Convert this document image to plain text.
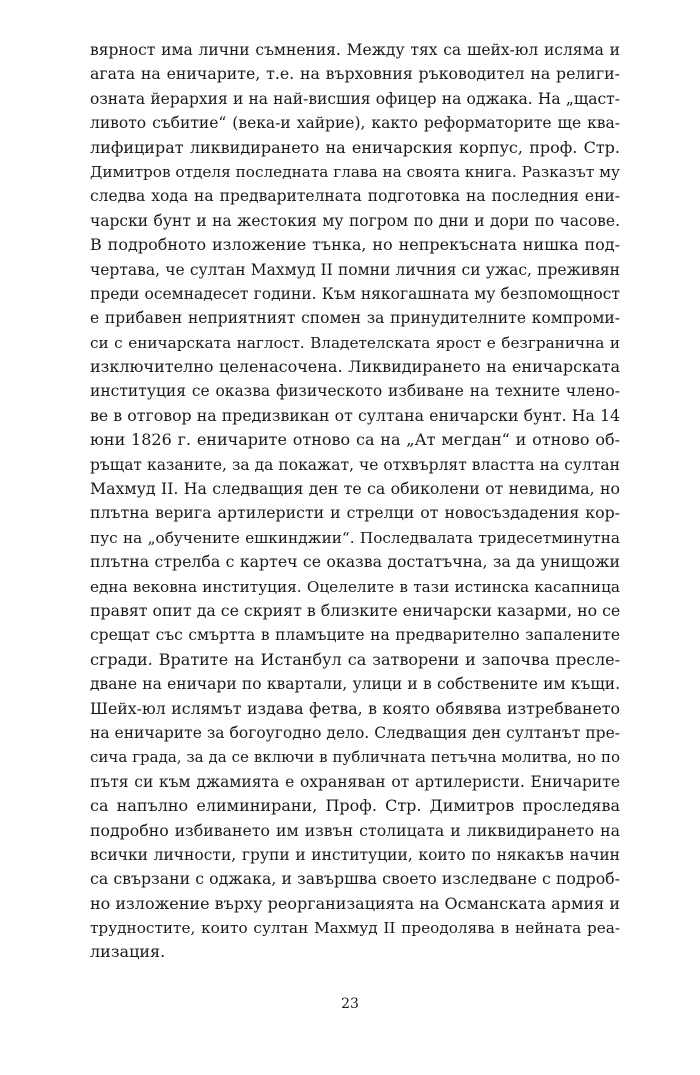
вярност има лични съмнения. Между тях са шейх-юл исляма и
агата на еничарите, т.е. на върховния ръководител на религи-
озната йерархия и на най-висшия офицер на оджака. На „щаст-
ливото събитие“ (века-и хайрие), както реформаторите ще ква-
лифицират ликвидирането на еничарския корпус, проф. Стр.
Димитров отделя последната глава на своята книга. Разказът му
следва хода на предварителната подготовка на последния ени-
чарски бунт и на жестокия му погром по дни и дори по часове.
В подробното изложение тънка, но непрекъсната нишка под-
чертава, че султан Махмуд II помни личния си ужас, преживян
преди осемнадесет години. Към някогашната му безпомощност
е прибавен неприятният спомен за принудителните компроми-
си с еничарската наглост. Владетелската ярост е безгранична и
изключително целенасочена. Ликвидирането на еничарската
институция се оказва физическото избиване на техните члено-
ве в отговор на предизвикан от султана еничарски бунт. На 14
юни 1826 г. еничарите отново са на „Ат мегдан“ и отново об-
ръщат казаните, за да покажат, че отхвърлят властта на султан
Махмуд II. На следващия ден те са обиколени от невидима, но
плътна верига артилеристи и стрелци от новосъздадения кор-
пус на „обучените ешкинджии“. Последвалата тридесетминутна
плътна стрелба с картеч се оказва достатъчна, за да унищожи
една вековна институция. Оцелелите в тази истинска касапница
правят опит да се скрият в близките еничарски казарми, но се
срещат със смъртта в пламъците на предварително запалените
сгради. Вратите на Истанбул са затворени и започва пресле-
дване на еничари по квартали, улици и в собствените им къщи.
Шейх-юл ислямът издава фетва, в която обявява изтребването
на еничарите за богоугодно дело. Следващия ден султанът пре-
сича града, за да се включи в публичната петъчна молитва, но по
пътя си към джамията е охраняван от артилеристи. Еничарите
са напълно елиминирани, Проф. Стр. Димитров проследява
подробно избиването им извън столицата и ликвидирането на
всички личности, групи и институции, които по някакъв начин
са свързани с оджака, и завършва своето изследване с подроб-
но изложение върху реорганизацията на Османската армия и
трудностите, които султан Махмуд II преодолява в нейната реа-
лизация.
23
